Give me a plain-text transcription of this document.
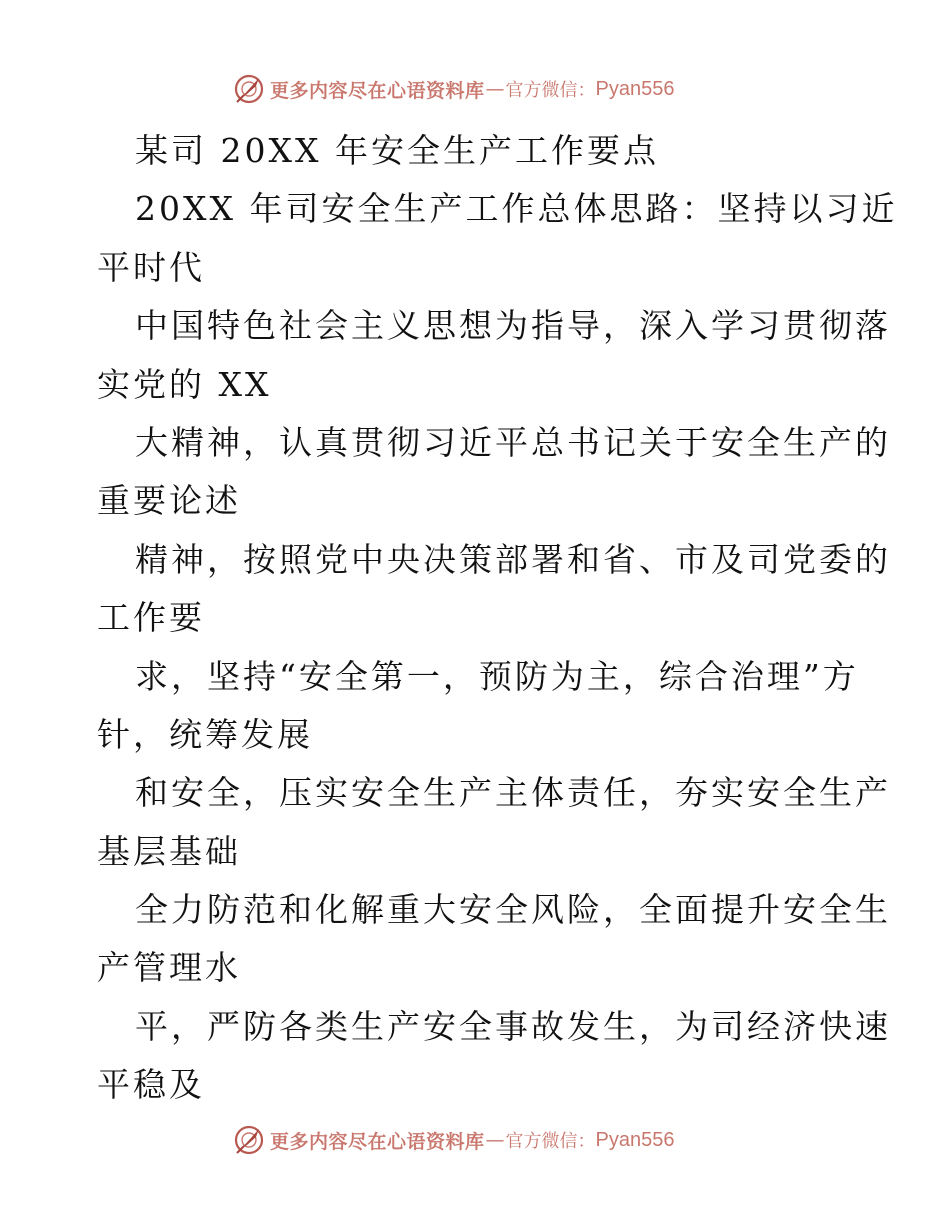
更多内容尽在心语资料库 — 官方微信： Pyan556
某司 20XX 年安全生产工作要点
20XX 年司安全生产工作总体思路：坚持以习近
平时代
中国特色社会主义思想为指导，深入学习贯彻落
实党的 XX
大精神，认真贯彻习近平总书记关于安全生产的
重要论述
精神，按照党中央决策部署和省、市及司党委的
工作要
求，坚持“安全第一，预防为主，综合治理”方
针，统筹发展
和安全，压实安全生产主体责任，夯实安全生产
基层基础
全力防范和化解重大安全风险，全面提升安全生
产管理水
平，严防各类生产安全事故发生，为司经济快速
平稳及
更多内容尽在心语资料库 — 官方微信： Pyan556
